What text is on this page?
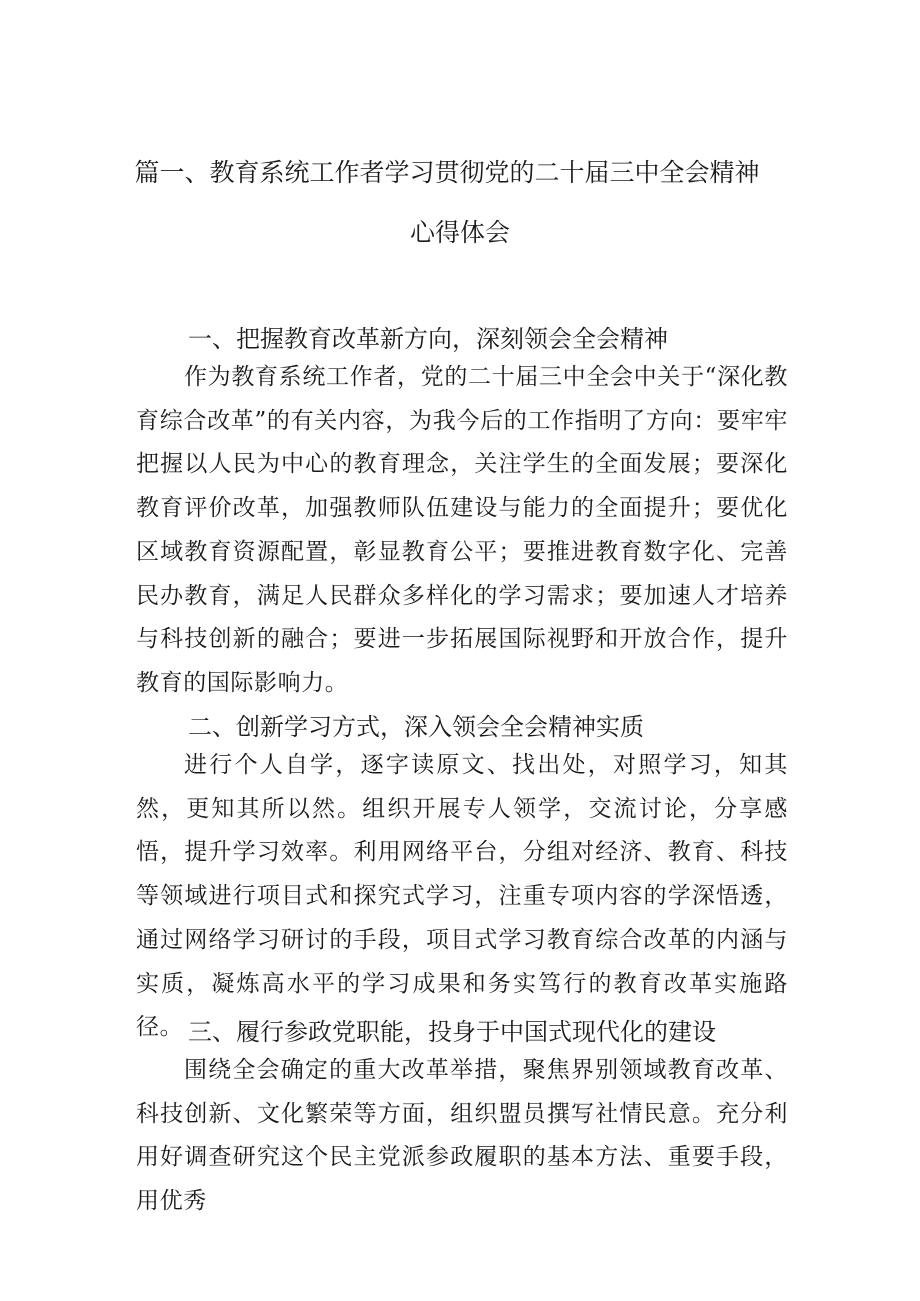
篇一、教育系统工作者学习贯彻党的二十届三中全会精神
心得体会
一、把握教育改革新方向，深刻领会全会精神

作为教育系统工作者，党的二十届三中全会中关于“深化教育综合改革”的有关内容，为我今后的工作指明了方向：要牢牢把握以人民为中心的教育理念，关注学生的全面发展；要深化教育评价改革，加强教师队伍建设与能力的全面提升；要优化区域教育资源配置，彰显教育公平；要推进教育数字化、完善民办教育，满足人民群众多样化的学习需求；要加速人才培养与科技创新的融合；要进一步拓展国际视野和开放合作，提升教育的国际影响力。

二、创新学习方式，深入领会全会精神实质

进行个人自学，逐字读原文、找出处，对照学习，知其然，更知其所以然。组织开展专人领学，交流讨论，分享感悟，提升学习效率。利用网络平台，分组对经济、教育、科技等领域进行项目式和探究式学习，注重专项内容的学深悟透，通过网络学习研讨的手段，项目式学习教育综合改革的内涵与实质，凝炼高水平的学习成果和务实笃行的教育改革实施路径。 三、履行参政党职能，投身于中国式现代化的建设

围绕全会确定的重大改革举措，聚焦界别领域教育改革、科技创新、文化繁荣等方面，组织盟员撰写社情民意。充分利用好调查研究这个民主党派参政履职的基本方法、重要手段，用优秀
